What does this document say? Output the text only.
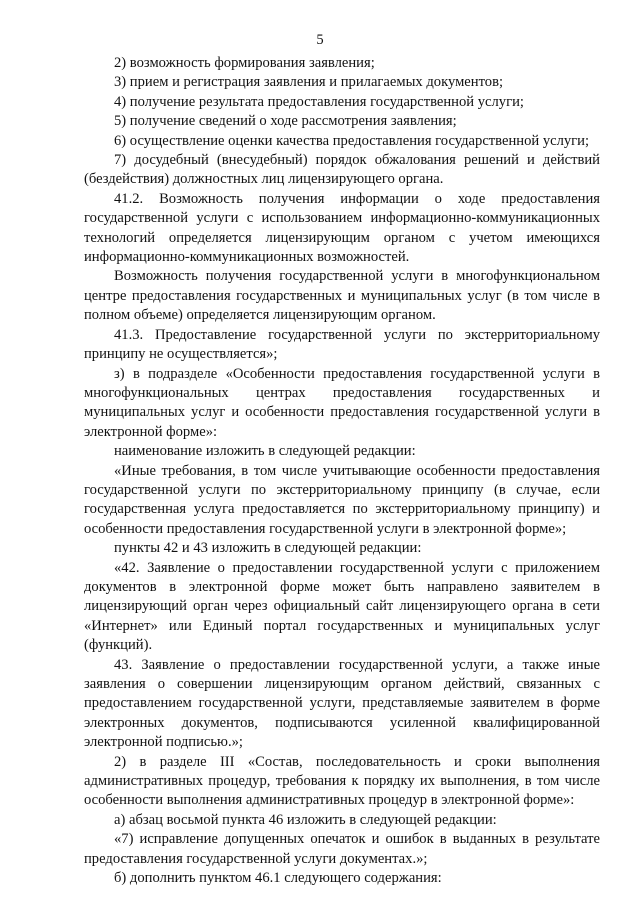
5

2) возможность формирования заявления;

3) прием и регистрация заявления и прилагаемых документов;

4) получение результата предоставления государственной услуги;

5) получение сведений о ходе рассмотрения заявления;

6) осуществление оценки качества предоставления государственной услуги;

7) досудебный (внесудебный) порядок обжалования решений и действий (бездействия) должностных лиц лицензирующего органа.

41.2. Возможность получения информации о ходе предоставления государственной услуги с использованием информационно-коммуникационных технологий определяется лицензирующим органом с учетом имеющихся информационно-коммуникационных возможностей.

Возможность получения государственной услуги в многофункциональном центре предоставления государственных и муниципальных услуг (в том числе в полном объеме) определяется лицензирующим органом.

41.3. Предоставление государственной услуги по экстерриториальному принципу не осуществляется»;

з) в подразделе «Особенности предоставления государственной услуги в многофункциональных центрах предоставления государственных и муниципальных услуг и особенности предоставления государственной услуги в электронной форме»:

наименование изложить в следующей редакции:

«Иные требования, в том числе учитывающие особенности предоставления государственной услуги по экстерриториальному принципу (в случае, если государственная услуга предоставляется по экстерриториальному принципу) и особенности предоставления государственной услуги в электронной форме»;

пункты 42 и 43 изложить в следующей редакции:

«42. Заявление о предоставлении государственной услуги с приложением документов в электронной форме может быть направлено заявителем в лицензирующий орган через официальный сайт лицензирующего органа в сети «Интернет» или Единый портал государственных и муниципальных услуг (функций).

43. Заявление о предоставлении государственной услуги, а также иные заявления о совершении лицензирующим органом действий, связанных с предоставлением государственной услуги, представляемые заявителем в форме электронных документов, подписываются усиленной квалифицированной электронной подписью.»;

2) в разделе III «Состав, последовательность и сроки выполнения административных процедур, требования к порядку их выполнения, в том числе особенности выполнения административных процедур в электронной форме»:

а) абзац восьмой пункта 46 изложить в следующей редакции:

«7) исправление допущенных опечаток и ошибок в выданных в результате предоставления государственной услуги документах.»;

б) дополнить пунктом 46.1 следующего содержания:
